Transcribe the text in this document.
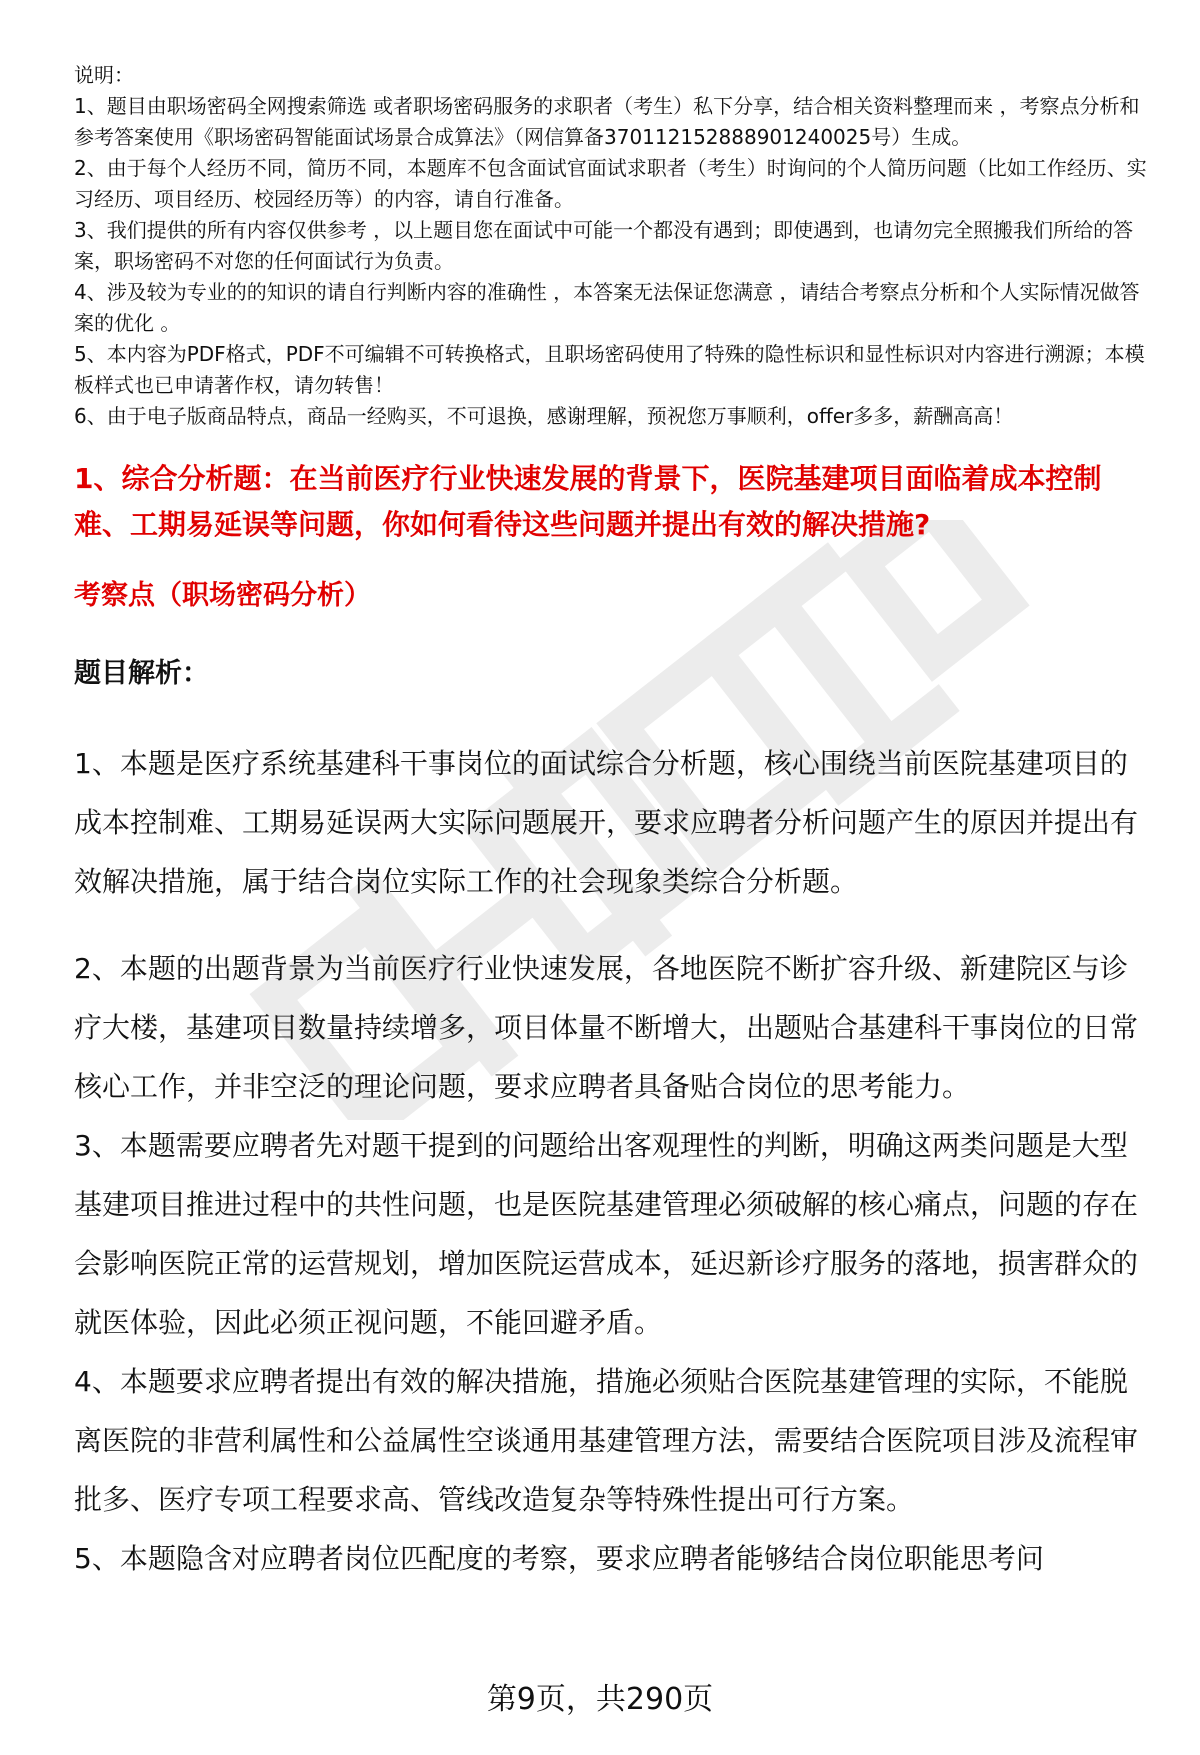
说明：

1、题目由职场密码全网搜索筛选 或者职场密码服务的求职者（考生）私下分享，结合相关资料整理而来 ，考察点分析和参考答案使用《职场密码智能面试场景合成算法》（网信算备370112152888901240025号）生成。

2、由于每个人经历不同，简历不同，本题库不包含面试官面试求职者（考生）时询问的个人简历问题（比如工作经历、实习经历、项目经历、校园经历等）的内容，请自行准备。

3、我们提供的所有内容仅供参考 ，以上题目您在面试中可能一个都没有遇到；即使遇到，也请勿完全照搬我们所给的答案，职场密码不对您的任何面试行为负责。

4、涉及较为专业的的知识的请自行判断内容的准确性 ，本答案无法保证您满意 ，请结合考察点分析和个人实际情况做答案的优化 。

5、本内容为PDF格式，PDF不可编辑不可转换格式，且职场密码使用了特殊的隐性标识和显性标识对内容进行溯源；本模板样式也已申请著作权，请勿转售！

6、由于电子版商品特点，商品一经购买，不可退换，感谢理解，预祝您万事顺利，offer多多，薪酬高高！

1、综合分析题：在当前医疗行业快速发展的背景下，医院基建项目面临着成本控制难、工期易延误等问题，你如何看待这些问题并提出有效的解决措施?
考察点（职场密码分析）
题目解析：

1、本题是医疗系统基建科干事岗位的面试综合分析题，核心围绕当前医院基建项目的成本控制难、工期易延误两大实际问题展开，要求应聘者分析问题产生的原因并提出有效解决措施，属于结合岗位实际工作的社会现象类综合分析题。

2、本题的出题背景为当前医疗行业快速发展，各地医院不断扩容升级、新建院区与诊疗大楼，基建项目数量持续增多，项目体量不断增大，出题贴合基建科干事岗位的日常核心工作，并非空泛的理论问题，要求应聘者具备贴合岗位的思考能力。

3、本题需要应聘者先对题干提到的问题给出客观理性的判断，明确这两类问题是大型基建项目推进过程中的共性问题，也是医院基建管理必须破解的核心痛点，问题的存在会影响医院正常的运营规划，增加医院运营成本，延迟新诊疗服务的落地，损害群众的就医体验，因此必须正视问题，不能回避矛盾。

4、本题要求应聘者提出有效的解决措施，措施必须贴合医院基建管理的实际，不能脱离医院的非营利属性和公益属性空谈通用基建管理方法，需要结合医院项目涉及流程审批多、医疗专项工程要求高、管线改造复杂等特殊性提出可行方案。

5、本题隐含对应聘者岗位匹配度的考察，要求应聘者能够结合岗位职能思考问

第9页，共290页
